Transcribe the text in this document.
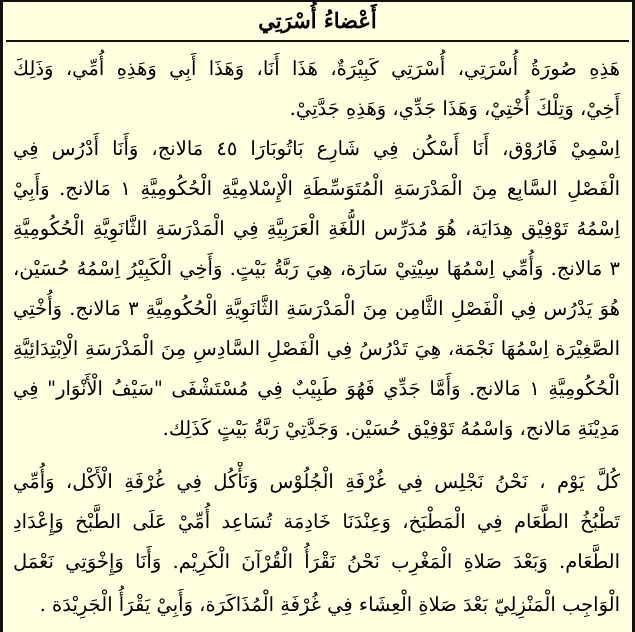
أَعْضاءُ أُسْرَتِي
هَذِهِ صُورَةُ أُسْرَتِي، أُسْرَتِي كَبِيْرَةٌ، هَذَا أَنَا، وَهَذَا أَبِي وَهَذِهِ أُمِّي، وَذَلِكَ
أَخِيْ، وَتِلْكَ أُخْتِيْ، وَهَذَا جَدِّي، وَهَذِهِ جَدَّتِيْ.
اِسْمِيْ فَارُوْق، أَنَا أَسْكُن فِي شَارِع بَاتُوبَارَا ٤٥ مَالانج، وَأَنَا أَدْرُس فِي
الْفَصْلِ السَّابِع مِنَ الْمَدْرَسَةِ الْمُتَوَسِّطَةِ الْإِسْلامِيَّةِ الْحُكُومِيَّةِ ١ مَالانج. وَأَبِيْ
اِسْمُهُ تَوْفِيْق هِدَايَة، هُوَ مُدَرِّس اللُّغَةِ الْعَرَبِيَّةِ فِي الْمَدْرَسَةِ الثَّانَوِيَّةِ الْحُكُومِيَّةِ
٣ مَالانج. وَأُمِّي اِسْمُهَا سِيْتِيْ سَارَة، هِيَ رَبَّةُ بَيْتٍ. وَأَخِي الْكَبِيْرُ اِسْمُهُ حُسَيْن،
هُوَ يَدْرُس فِي الْفَصْلِ الثَّامِن مِنَ الْمَدْرَسَةِ الثَّانَوِيَّةِ الْحُكُومِيَّةِ ٣ مَالانج. وَأُخْتِي
الصَّغِيْرَة اِسْمُهَا نَجْمَة، هِيَ تَدْرُسُ فِي الْفَصْلِ السَّادِسِ مِنَ الْمَدْرَسَةِ الْاِبْتِدَائِيَّةِ
الْحُكُومِيَّةِ ١ مَالانج. وَأَمَّا جَدِّي فَهُوَ طَبِيْبٌ فِي مُسْتَشْفَى "سَيْفُ الْأَنْوَار" فِي
مَدِيْنَةِ مَالانج، وَاسْمُهُ تَوْفِيْق حُسَيْن. وَجَدَّتِيْ رَبَّةُ بَيْتٍ كَذَلِك.
كُلَّ يَوْم ، نَحْنُ نَجْلِس فِي غُرْفَةِ الْجُلُوْس وَنَأْكُل فِي غُرْفَةِ الْأَكْل، وَأُمِّي
تَطْبُخُ الطَّعَام فِي الْمَطْبَخ، وَعِنْدَنَا خَادِمَة تُسَاعِد أُمِّيْ عَلَى الطَّبْخ وَإِعْدَادِ
الطَّعَام. وَبَعْدَ صَلاةِ الْمَغْرِب نَحْنُ نَقْرَأُ الْقُرْآنَ الْكَرِيْم. وَأَنَا وَإِخْوَتِي نَعْمَل
الْوَاجِب الْمَنْزِلِيّ بَعْدَ صَلاةِ الْعِشَاء فِي غُرْفَةِ الْمُذَاكَرَة، وَأَبِيْ يَقْرَأُ الْجَرِيْدَة .
